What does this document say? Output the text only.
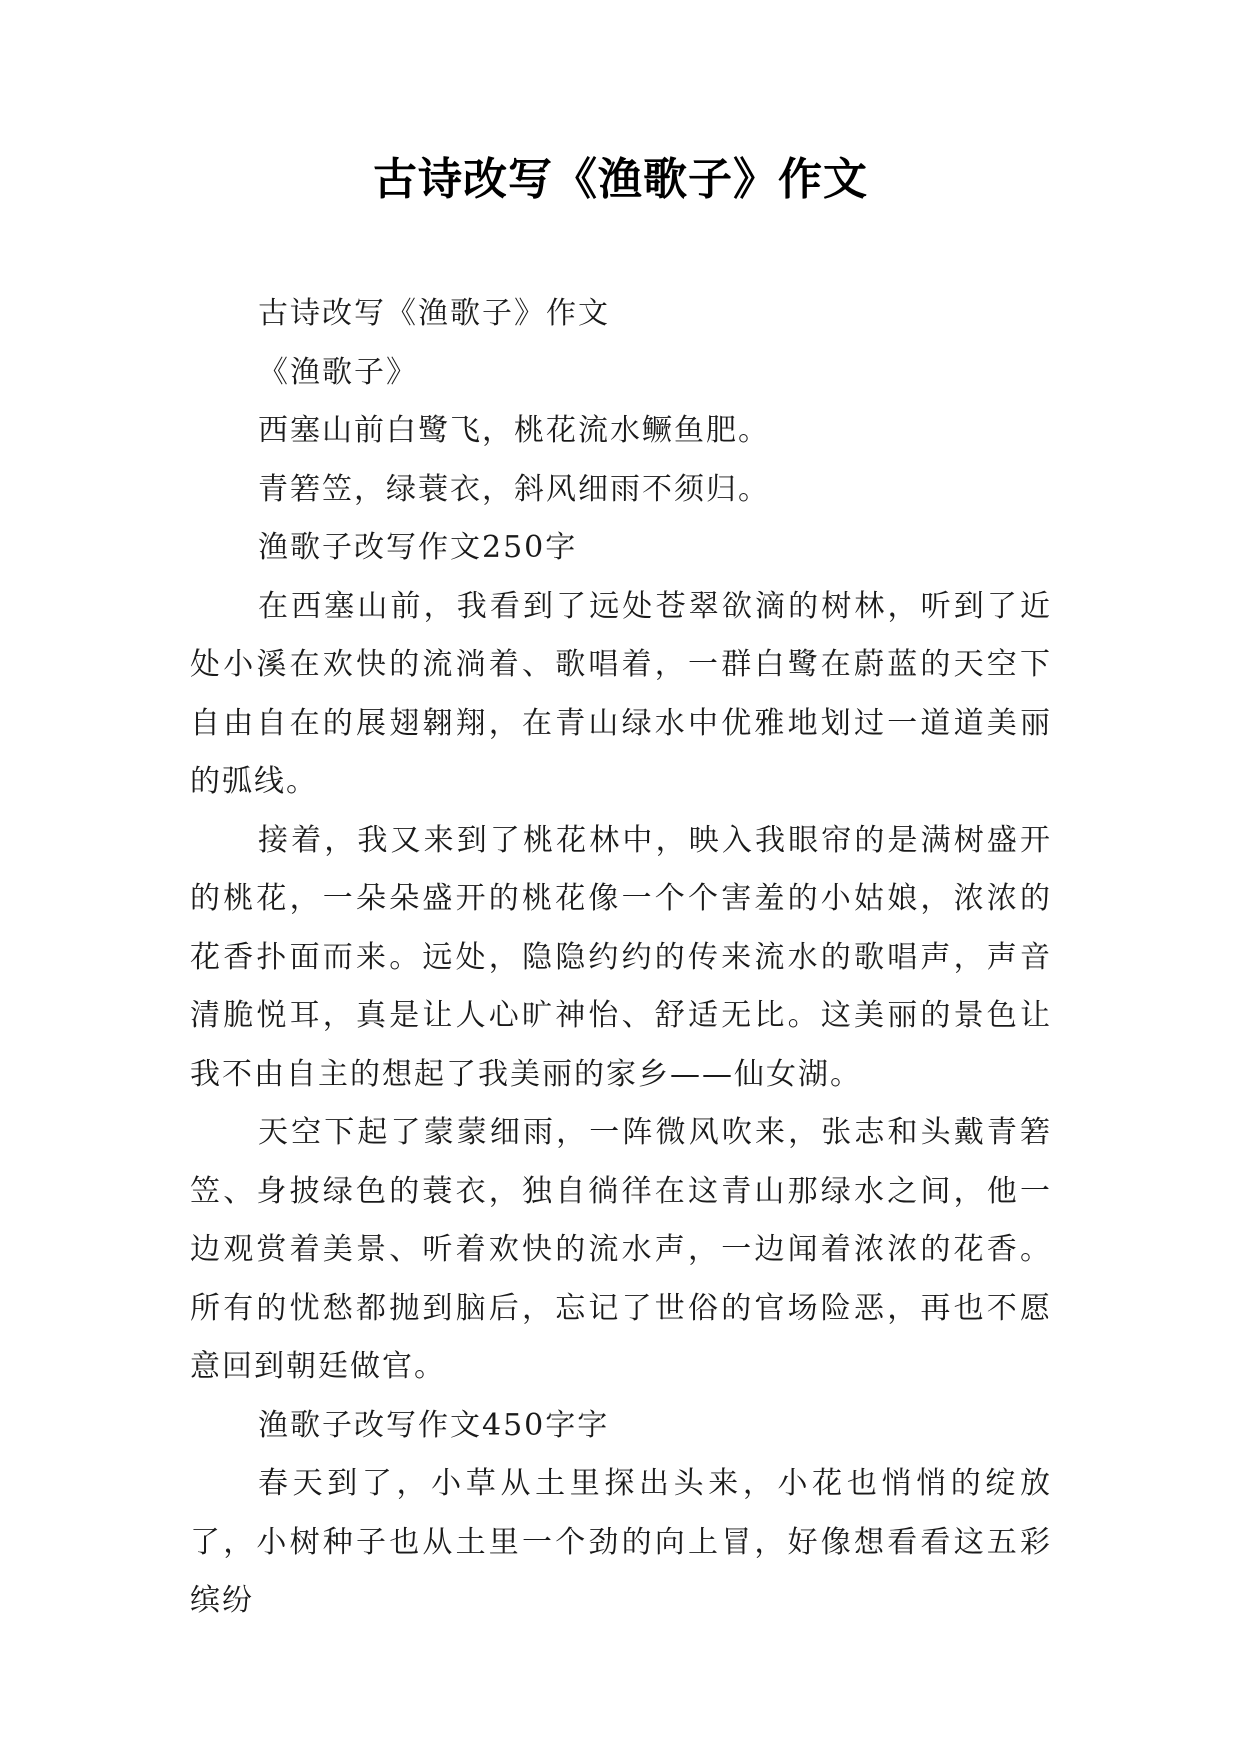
古诗改写《渔歌子》作文

古诗改写《渔歌子》作文

《渔歌子》

西塞山前白鹭飞，桃花流水鳜鱼肥。

青箬笠，绿蓑衣，斜风细雨不须归。

渔歌子改写作文250字

在西塞山前，我看到了远处苍翠欲滴的树林，听到了近处小溪在欢快的流淌着、歌唱着，一群白鹭在蔚蓝的天空下自由自在的展翅翱翔，在青山绿水中优雅地划过一道道美丽的弧线。

接着，我又来到了桃花林中，映入我眼帘的是满树盛开的桃花，一朵朵盛开的桃花像一个个害羞的小姑娘，浓浓的花香扑面而来。远处，隐隐约约的传来流水的歌唱声，声音清脆悦耳，真是让人心旷神怡、舒适无比。这美丽的景色让我不由自主的想起了我美丽的家乡——仙女湖。

天空下起了蒙蒙细雨，一阵微风吹来，张志和头戴青箬笠、身披绿色的蓑衣，独自徜徉在这青山那绿水之间，他一边观赏着美景、听着欢快的流水声，一边闻着浓浓的花香。所有的忧愁都抛到脑后，忘记了世俗的官场险恶，再也不愿意回到朝廷做官。

渔歌子改写作文450字字

春天到了，小草从土里探出头来，小花也悄悄的绽放了，小树种子也从土里一个劲的向上冒，好像想看看这五彩缤纷
